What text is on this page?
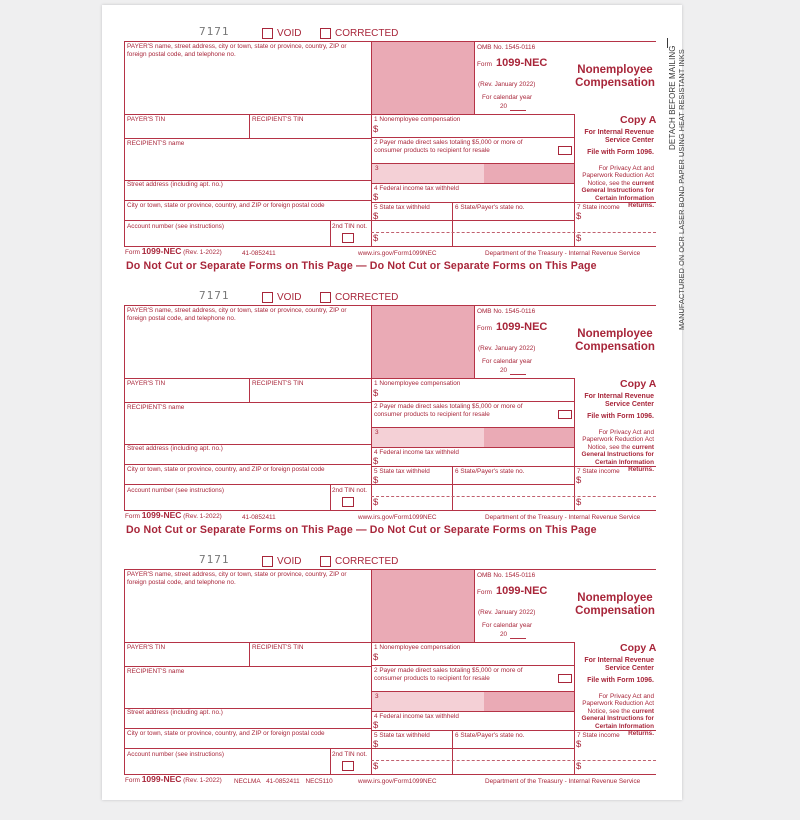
DETACH BEFORE MAILING MANUFACTURED ON OCR LASER BOND PAPER USING HEAT RESISTANT INKS
7171	VOID	CORRECTED
PAYER'S name, street address, city or town, state or province, country, ZIP or foreign postal code, and telephone no.
OMB No. 1545-0116
Form 1099-NEC
(Rev. January 2022)
For calendar year
20
Nonemployee
Compensation
PAYER'S TIN	RECIPIENT'S TIN	1 Nonemployee compensation
$
Copy A
For Internal Revenue Service Center
File with Form 1096.
For Privacy Act and Paperwork Reduction Act Notice, see the current General Instructions for Certain Information Returns.
RECIPIENT'S name	2 Payer made direct sales totaling $5,000 or more of consumer products to recipient for resale
3
Street address (including apt. no.)
4 Federal income tax withheld
$
City or town, state or province, country, and ZIP or foreign postal code	5 State tax withheld	6 State/Payer's state no.	7 State income
$
$
$
$
Account number (see instructions)	2nd TIN not.
Form 1099-NEC (Rev. 1-2022)	41-0852411	www.irs.gov/Form1099NEC	Department of the Treasury - Internal Revenue Service
Do Not Cut or Separate Forms on This Page — Do Not Cut or Separate Forms on This Page
7171	VOID	CORRECTED
PAYER'S name, street address, city or town, state or province, country, ZIP or foreign postal code, and telephone no.
OMB No. 1545-0116
Form 1099-NEC
(Rev. January 2022)
For calendar year
20
Nonemployee
Compensation
PAYER'S TIN	RECIPIENT'S TIN	1 Nonemployee compensation
$
Copy A
For Internal Revenue Service Center
File with Form 1096.
For Privacy Act and Paperwork Reduction Act Notice, see the current General Instructions for Certain Information Returns.
RECIPIENT'S name	2 Payer made direct sales totaling $5,000 or more of consumer products to recipient for resale
3
Street address (including apt. no.)
4 Federal income tax withheld
$
City or town, state or province, country, and ZIP or foreign postal code	5 State tax withheld	6 State/Payer's state no.	7 State income
$
$
$
$
Account number (see instructions)	2nd TIN not.
Form 1099-NEC (Rev. 1-2022)	41-0852411	www.irs.gov/Form1099NEC	Department of the Treasury - Internal Revenue Service
Do Not Cut or Separate Forms on This Page — Do Not Cut or Separate Forms on This Page
7171	VOID	CORRECTED
PAYER'S name, street address, city or town, state or province, country, ZIP or foreign postal code, and telephone no.
OMB No. 1545-0116
Form 1099-NEC
(Rev. January 2022)
For calendar year
20
Nonemployee
Compensation
PAYER'S TIN	RECIPIENT'S TIN	1 Nonemployee compensation
$
Copy A
For Internal Revenue Service Center
File with Form 1096.
For Privacy Act and Paperwork Reduction Act Notice, see the current General Instructions for Certain Information Returns.
RECIPIENT'S name	2 Payer made direct sales totaling $5,000 or more of consumer products to recipient for resale
3
Street address (including apt. no.)
4 Federal income tax withheld
$
City or town, state or province, country, and ZIP or foreign postal code	5 State tax withheld	6 State/Payer's state no.	7 State income
$
$
$
$
Account number (see instructions)	2nd TIN not.
Form 1099-NEC (Rev. 1-2022) NECLMA 41-0852411 NEC5110	www.irs.gov/Form1099NEC	Department of the Treasury - Internal Revenue Service
